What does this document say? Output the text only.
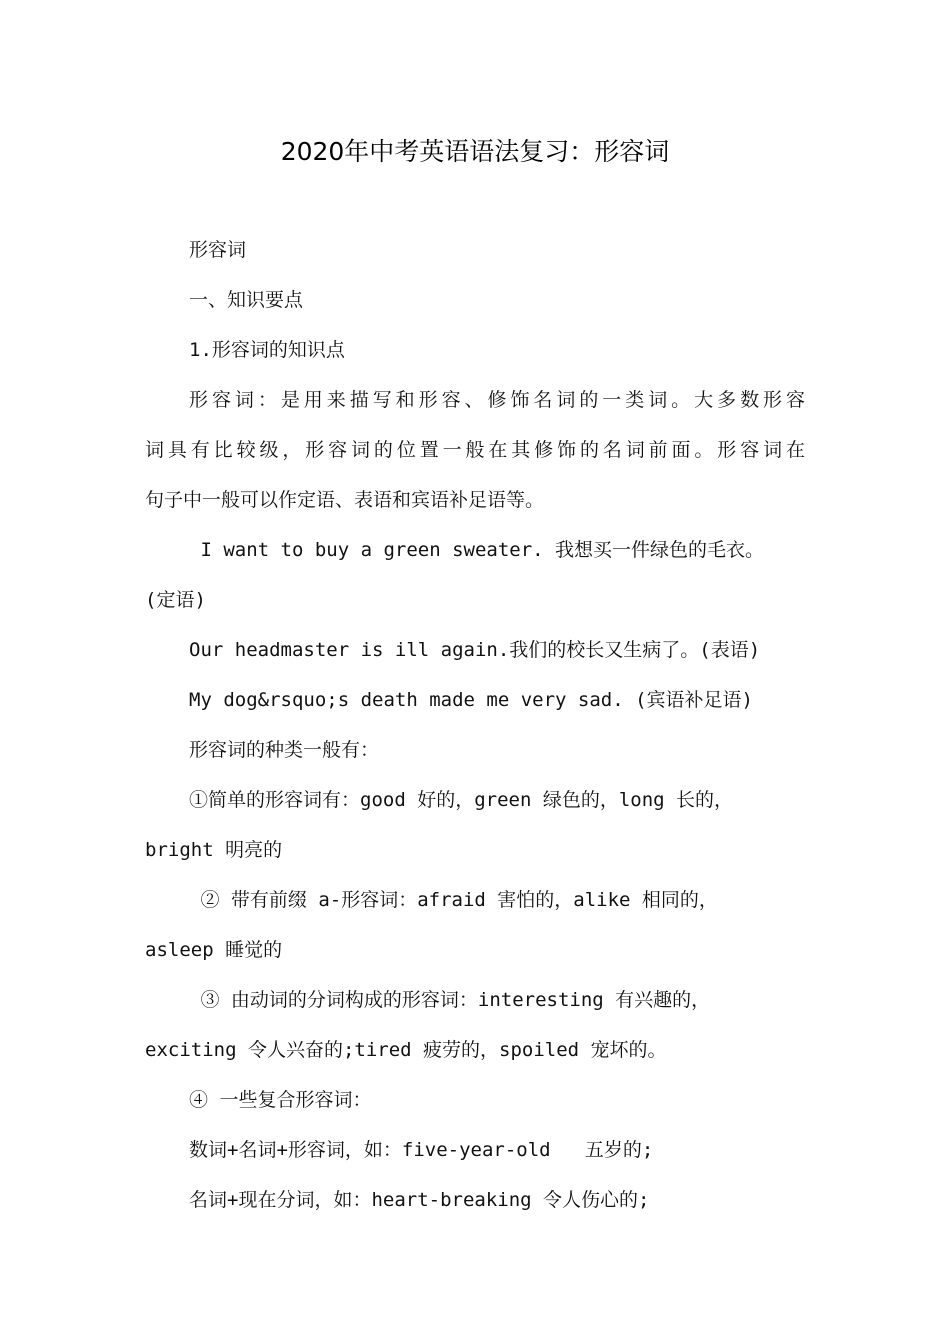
2020年中考英语语法复习：形容词
形容词
一、知识要点
1.形容词的知识点
形容词：是用来描写和形容、修饰名词的一类词。大多数形容
词具有比较级，形容词的位置一般在其修饰的名词前面。形容词在
句子中一般可以作定语、表语和宾语补足语等。
I want to buy a green sweater. 我想买一件绿色的毛衣。
(定语)
Our headmaster is ill again.我们的校长又生病了。(表语)
My dog&rsquo;s death made me very sad. (宾语补足语)
形容词的种类一般有：
①简单的形容词有：good 好的，green 绿色的，long 长的，
bright 明亮的
② 带有前缀 a-形容词：afraid 害怕的，alike 相同的，
asleep 睡觉的
③ 由动词的分词构成的形容词：interesting 有兴趣的，
exciting 令人兴奋的;tired 疲劳的，spoiled 宠坏的。
④ 一些复合形容词：
数词+名词+形容词，如：five-year-old   五岁的;
名词+现在分词，如：heart-breaking 令人伤心的;
